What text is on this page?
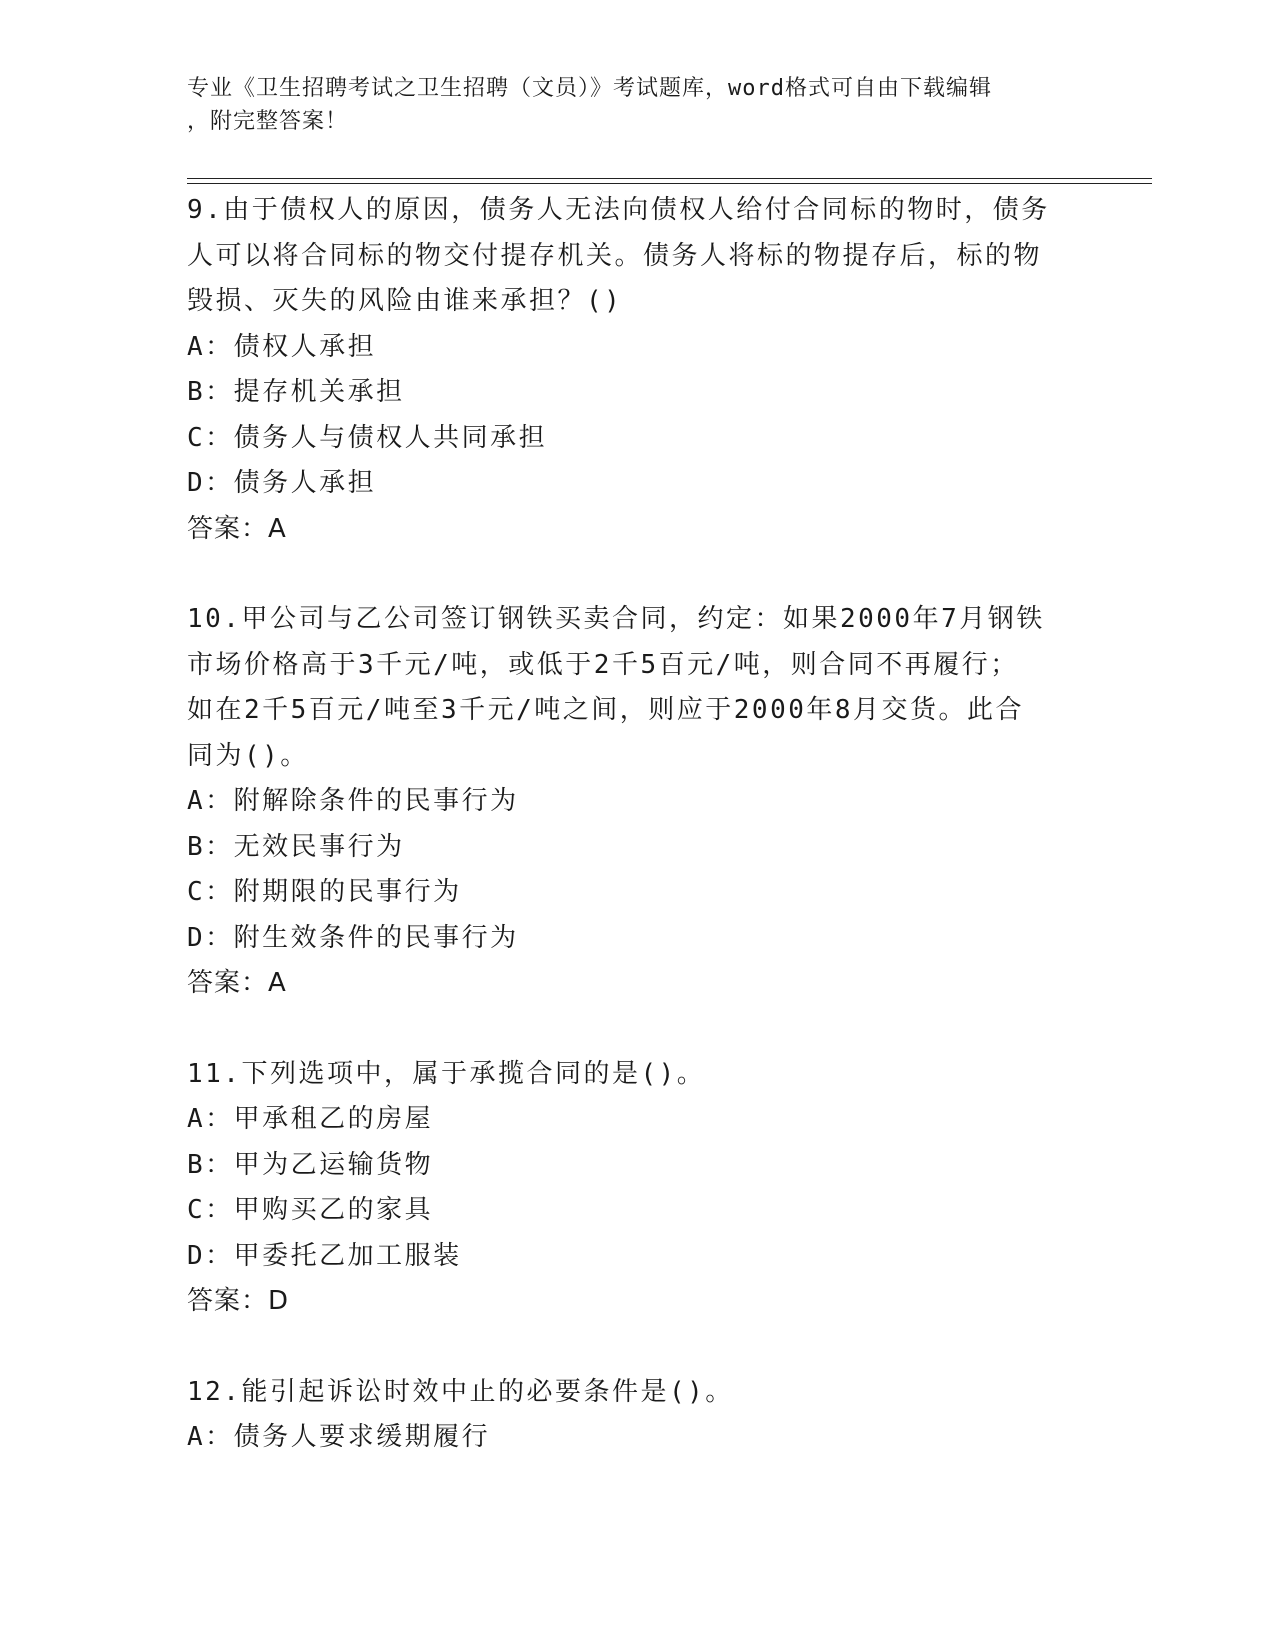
专业《卫生招聘考试之卫生招聘（文员）》考试题库，word格式可自由下载编辑
，附完整答案！
9.由于债权人的原因，债务人无法向债权人给付合同标的物时，债务
人可以将合同标的物交付提存机关。债务人将标的物提存后，标的物
毁损、灭失的风险由谁来承担？()
A：债权人承担
B：提存机关承担
C：债务人与债权人共同承担
D：债务人承担
答案：A
10.甲公司与乙公司签订钢铁买卖合同，约定：如果2000年7月钢铁
市场价格高于3千元/吨，或低于2千5百元/吨，则合同不再履行；
如在2千5百元/吨至3千元/吨之间，则应于2000年8月交货。此合
同为()。
A：附解除条件的民事行为
B：无效民事行为
C：附期限的民事行为
D：附生效条件的民事行为
答案：A
11.下列选项中，属于承揽合同的是()。
A：甲承租乙的房屋
B：甲为乙运输货物
C：甲购买乙的家具
D：甲委托乙加工服装
答案：D
12.能引起诉讼时效中止的必要条件是()。
A：债务人要求缓期履行
